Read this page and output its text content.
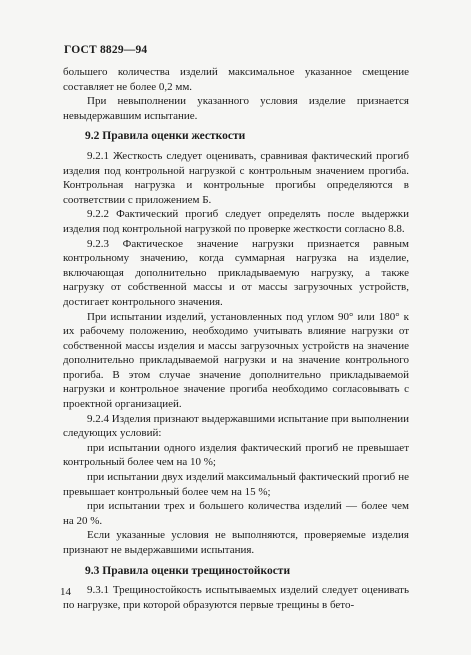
ГОСТ 8829—94

большего количества изделий максимальное указанное смещение составляет не более 0,2 мм.

При невыполнении указанного условия изделие признается невыдержавшим испытание.

9.2 Правила оценки жесткости

9.2.1 Жесткость следует оценивать, сравнивая фактический прогиб изделия под контрольной нагрузкой с контрольным значением прогиба. Контрольная нагрузка и контрольные прогибы определяются в соответствии с приложением Б.

9.2.2 Фактический прогиб следует определять после выдержки изделия под контрольной нагрузкой по проверке жесткости согласно 8.8.

9.2.3 Фактическое значение нагрузки признается равным контрольному значению, когда суммарная нагрузка на изделие, включающая дополнительно прикладываемую нагрузку, а также нагрузку от собственной массы и от массы загрузочных устройств, достигает контрольного значения.

При испытании изделий, установленных под углом 90° или 180° к их рабочему положению, необходимо учитывать влияние нагрузки от собственной массы изделия и массы загрузочных устройств на значение дополнительно прикладываемой нагрузки и на значение контрольного прогиба. В этом случае значение дополнительно прикладываемой нагрузки и контрольное значение прогиба необходимо согласовывать с проектной организацией.

9.2.4 Изделия признают выдержавшими испытание при выполнении следующих условий:

при испытании одного изделия фактический прогиб не превышает контрольный более чем на 10 %;

при испытании двух изделий максимальный фактический прогиб не превышает контрольный более чем на 15 %;

при испытании трех и большего количества изделий — более чем на 20 %.

Если указанные условия не выполняются, проверяемые изделия признают не выдержавшими испытания.

9.3 Правила оценки трещиностойкости

9.3.1 Трещиностойкость испытываемых изделий следует оценивать по нагрузке, при которой образуются первые трещины в бето-

14
